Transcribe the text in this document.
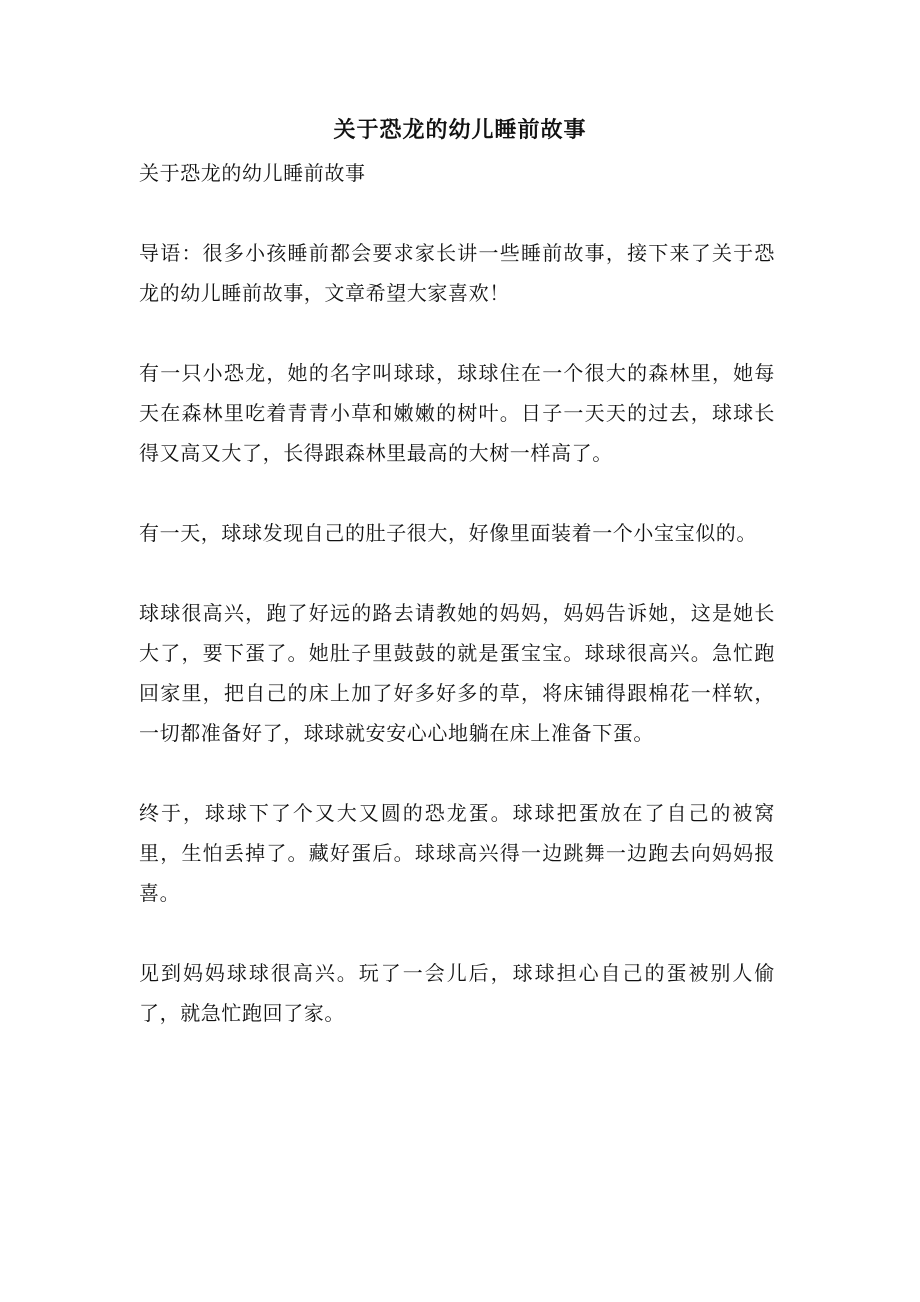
关于恐龙的幼儿睡前故事

关于恐龙的幼儿睡前故事

导语：很多小孩睡前都会要求家长讲一些睡前故事，接下来了关于恐龙的幼儿睡前故事，文章希望大家喜欢！

有一只小恐龙，她的名字叫球球，球球住在一个很大的森林里，她每天在森林里吃着青青小草和嫩嫩的树叶。日子一天天的过去，球球长得又高又大了，长得跟森林里最高的大树一样高了。

有一天，球球发现自己的肚子很大，好像里面装着一个小宝宝似的。

球球很高兴，跑了好远的路去请教她的妈妈，妈妈告诉她，这是她长大了，要下蛋了。她肚子里鼓鼓的就是蛋宝宝。球球很高兴。急忙跑回家里，把自己的床上加了好多好多的草，将床铺得跟棉花一样软，一切都准备好了，球球就安安心心地躺在床上准备下蛋。

终于，球球下了个又大又圆的恐龙蛋。球球把蛋放在了自己的被窝里，生怕丢掉了。藏好蛋后。球球高兴得一边跳舞一边跑去向妈妈报喜。

见到妈妈球球很高兴。玩了一会儿后，球球担心自己的蛋被别人偷了，就急忙跑回了家。
